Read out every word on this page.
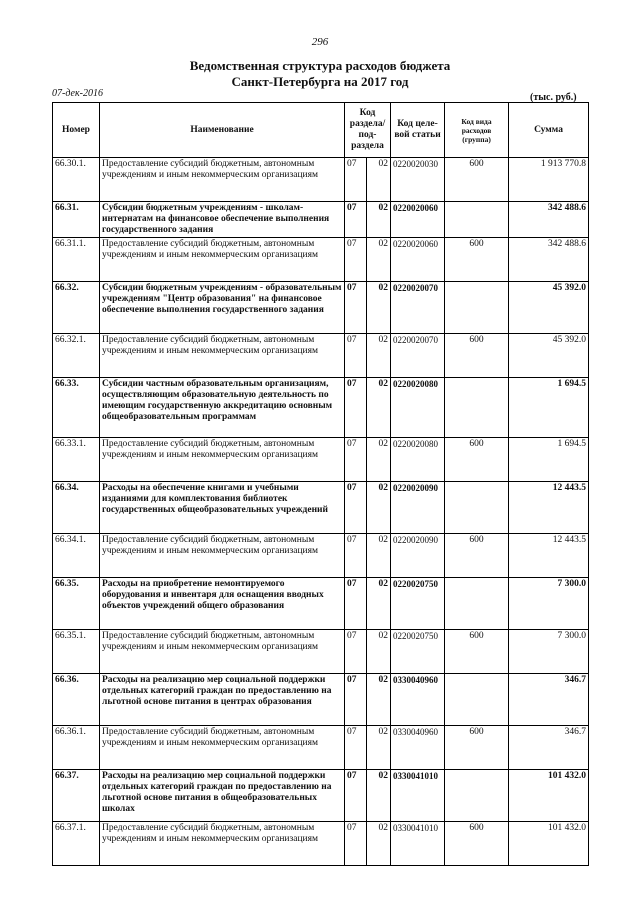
296
Ведомственная структура расходов бюджета
Санкт-Петербурга на 2017 год
07-дек-2016	(тыс. руб.)
Номер	Наименование	Код раздела/ под- раздела		Код целе- вой статьи	Код вида расходов (группа)	Сумма
66.30.1.	Предоставление субсидий бюджетным, автономным учреждениям и иным некоммерческим организациям	07	02	0220020030	600	1 913 770.8
66.31.	Субсидии бюджетным учреждениям - школам-интернатам на финансовое обеспечение выполнения государственного задания	07	02	0220020060		342 488.6
66.31.1.	Предоставление субсидий бюджетным, автономным учреждениям и иным некоммерческим организациям	07	02	0220020060	600	342 488.6
66.32.	Субсидии бюджетным учреждениям - образовательным учреждениям "Центр образования" на финансовое обеспечение выполнения государственного задания	07	02	0220020070		45 392.0
66.32.1.	Предоставление субсидий бюджетным, автономным учреждениям и иным некоммерческим организациям	07	02	0220020070	600	45 392.0
66.33.	Субсидии частным образовательным организациям, осуществляющим образовательную деятельность по имеющим государственную аккредитацию основным общеобразовательным программам	07	02	0220020080		1 694.5
66.33.1.	Предоставление субсидий бюджетным, автономным учреждениям и иным некоммерческим организациям	07	02	0220020080	600	1 694.5
66.34.	Расходы на обеспечение книгами и учебными изданиями для комплектования библиотек государственных общеобразовательных учреждений	07	02	0220020090		12 443.5
66.34.1.	Предоставление субсидий бюджетным, автономным учреждениям и иным некоммерческим организациям	07	02	0220020090	600	12 443.5
66.35.	Расходы на приобретение немонтируемого оборудования и инвентаря для оснащения вводных объектов учреждений общего образования	07	02	0220020750		7 300.0
66.35.1.	Предоставление субсидий бюджетным, автономным учреждениям и иным некоммерческим организациям	07	02	0220020750	600	7 300.0
66.36.	Расходы на реализацию мер социальной поддержки отдельных категорий граждан по предоставлению на льготной основе питания в центрах образования	07	02	0330040960		346.7
66.36.1.	Предоставление субсидий бюджетным, автономным учреждениям и иным некоммерческим организациям	07	02	0330040960	600	346.7
66.37.	Расходы на реализацию мер социальной поддержки отдельных категорий граждан по предоставлению на льготной основе питания в общеобразовательных школах	07	02	0330041010		101 432.0
66.37.1.	Предоставление субсидий бюджетным, автономным учреждениям и иным некоммерческим организациям	07	02	0330041010	600	101 432.0
